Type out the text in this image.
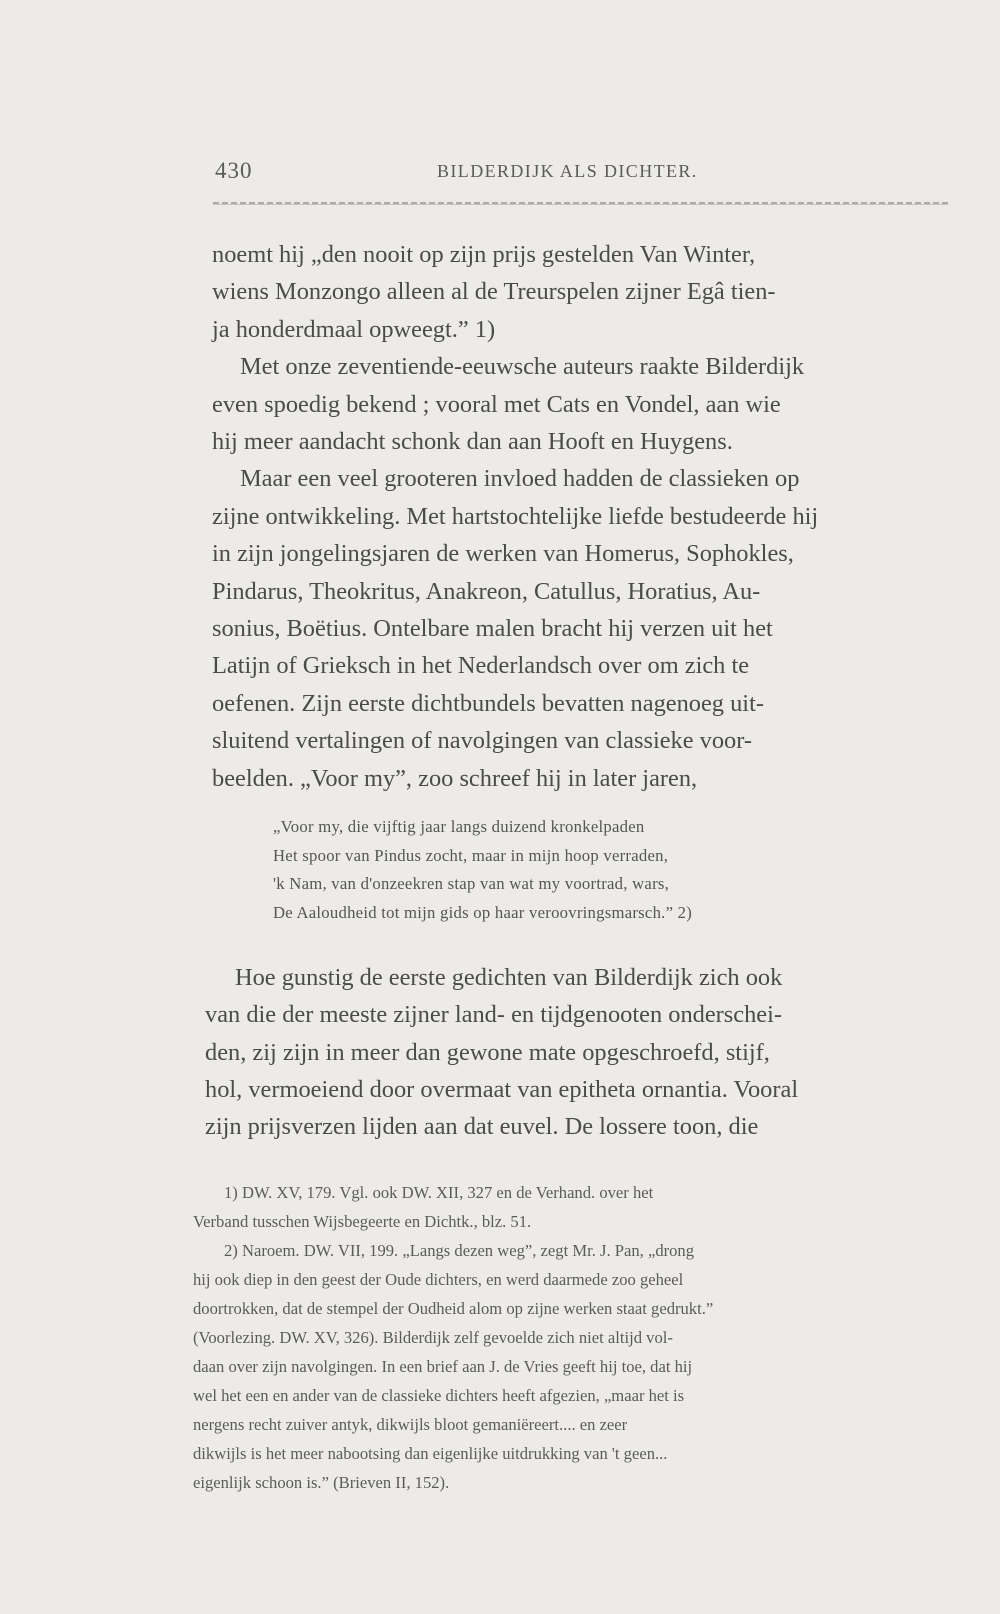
430	BILDERDIJK ALS DICHTER.
noemt hij „den nooit op zijn prijs gestelden Van Winter,
wiens Monzongo alleen al de Treurspelen zijner Egâ tien-
ja honderdmaal opweegt.” 1)
Met onze zeventiende-eeuwsche auteurs raakte Bilderdijk
even spoedig bekend ; vooral met Cats en Vondel, aan wie
hij meer aandacht schonk dan aan Hooft en Huygens.
Maar een veel grooteren invloed hadden de classieken op
zijne ontwikkeling. Met hartstochtelijke liefde bestudeerde hij
in zijn jongelingsjaren de werken van Homerus, Sophokles,
Pindarus, Theokritus, Anakreon, Catullus, Horatius, Au-
sonius, Boëtius. Ontelbare malen bracht hij verzen uit het
Latijn of Grieksch in het Nederlandsch over om zich te
oefenen. Zijn eerste dichtbundels bevatten nagenoeg uit-
sluitend vertalingen of navolgingen van classieke voor-
beelden. „Voor my”, zoo schreef hij in later jaren,
„Voor my, die vijftig jaar langs duizend kronkelpaden
Het spoor van Pindus zocht, maar in mijn hoop verraden,
'k Nam, van d'onzeekren stap van wat my voortrad, wars,
De Aaloudheid tot mijn gids op haar veroovringsmarsch.” 2)
Hoe gunstig de eerste gedichten van Bilderdijk zich ook
van die der meeste zijner land- en tijdgenooten onderschei-
den, zij zijn in meer dan gewone mate opgeschroefd, stijf,
hol, vermoeiend door overmaat van epitheta ornantia. Vooral
zijn prijsverzen lijden aan dat euvel. De lossere toon, die
1) DW. XV, 179. Vgl. ook DW. XII, 327 en de Verhand. over het
Verband tusschen Wijsbegeerte en Dichtk., blz. 51.
2) Naroem. DW. VII, 199. „Langs dezen weg”, zegt Mr. J. Pan, „drong
hij ook diep in den geest der Oude dichters, en werd daarmede zoo geheel
doortrokken, dat de stempel der Oudheid alom op zijne werken staat gedrukt.”
(Voorlezing. DW. XV, 326). Bilderdijk zelf gevoelde zich niet altijd vol-
daan over zijn navolgingen. In een brief aan J. de Vries geeft hij toe, dat hij
wel het een en ander van de classieke dichters heeft afgezien, „maar het is
nergens recht zuiver antyk, dikwijls bloot gemaniëreert.... en zeer
dikwijls is het meer nabootsing dan eigenlijke uitdrukking van 't geen...
eigenlijk schoon is.” (Brieven II, 152).
